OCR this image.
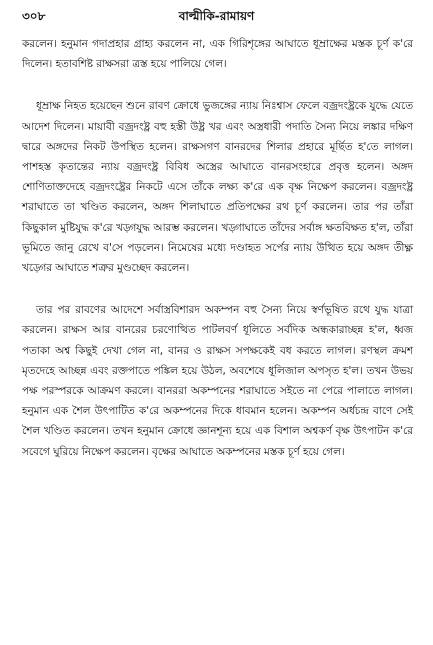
৩০৮	বাল্মীকি-রামায়ণ

করলেন। হনুমান গদাপ্রহার গ্রাহ্য করলেন না, এক গিরিশৃঙ্গের আঘাতে ধূম্রাক্ষের মস্তক চূর্ণ ক'রে দিলেন। হতাবশিষ্ট রাক্ষসরা ত্রস্ত হয়ে পালিয়ে গেল।

ধূম্রাক্ষ নিহত হয়েছেন শুনে রাবণ ক্রোধে ভুজঙ্গের ন্যায় নিঃশ্বাস ফেলে বজ্রদংষ্ট্রকে যুদ্ধে যেতে আদেশ দিলেন। মায়াবী বজ্রদংষ্ট্র বহু হস্তী উষ্ট্র খর এবং অস্ত্রধারী পদাতি সৈন্য নিয়ে লঙ্কার দক্ষিণ দ্বারে অঙ্গদের নিকট উপস্থিত হলেন। রাক্ষসগণ বানরদের শিলার প্রহারে মূর্ছিত হ'তে লাগল। পাশহস্ত কৃতান্তের ন্যায় বজ্রদংষ্ট্র বিবিধ অস্ত্রের আঘাতে বানরসংহারে প্রবৃত্ত হলেন। অঙ্গদ শোণিতাক্তদেহে বজ্রদংষ্ট্রের নিকটে এসে তাঁকে লক্ষ্য ক'রে এক বৃক্ষ নিক্ষেপ করলেন। বজ্রদংষ্ট্র শরাঘাতে তা খণ্ডিত করলেন, অঙ্গদ শিলাঘাতে প্রতিপক্ষের রথ চূর্ণ করলেন। তার পর তাঁরা কিছুকাল মুষ্টিযুদ্ধ ক'রে খড়্গযুদ্ধ আরম্ভ করলেন। খড়্গাঘাতে তাঁদের সর্বাঙ্গ ক্ষতবিক্ষত হ'ল, তাঁরা ভূমিতে জানু রেখে ব'সে পড়লেন। নিমেষের মধ্যে দণ্ডাহত সর্পের ন্যায় উত্থিত হয়ে অঙ্গদ তীক্ষ্ণ খড়্গের আঘাতে শত্রুর মুণ্ডচ্ছেদ করলেন।

তার পর রাবণের আদেশে সর্বাস্ত্রবিশারদ অকম্পন বহু সৈন্য নিয়ে স্বর্ণভূষিত রথে যুদ্ধ যাত্রা করলেন। রাক্ষস আর বানরের চরণোত্থিত পাটলবর্ণ ধূলিতে সর্বদিক অন্ধকারাচ্ছন্ন হ'ল, ধ্বজ পতাকা অশ্ব কিছুই দেখা গেল না, বানর ও রাক্ষস সপক্ষকেই বধ করতে লাগল। রণস্থল ক্রমশ মৃতদেহে আচ্ছন্ন এবং রক্তপাতে পঙ্কিল হয়ে উঠল, অবশেষে ধূলিজাল অপসৃত হ'ল। তখন উভয় পক্ষ পরস্পরকে আক্রমণ করলে। বানররা অকম্পনের শরাঘাতে সইতে না পেরে পালাতে লাগল। হনুমান এক শৈল উৎপাটিত ক'রে অকম্পনের দিকে ধাবমান হলেন। অকম্পন অর্ধচন্দ্র বাণে সেই শৈল খণ্ডিত করলেন। তখন হনুমান ক্রোধে জ্ঞানশূন্য হয়ে এক বিশাল অশ্বকর্ণ বৃক্ষ উৎপাটন ক'রে সবেগে ঘুরিয়ে নিক্ষেপ করলেন। বৃক্ষের আঘাতে অকম্পনের মস্তক চূর্ণ হয়ে গেল।
